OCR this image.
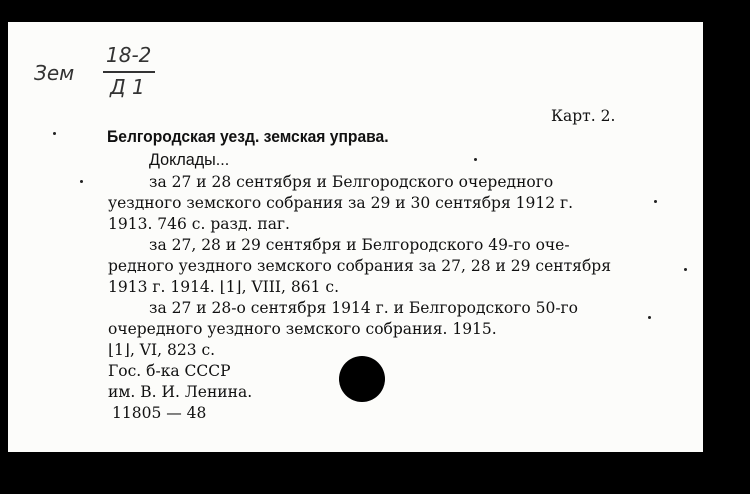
Зем
18-2
Д 1
Карт. 2.
Белгородская уезд. земская управа.
Доклады...
за 27 и 28 сентября и Белгородского очередного
уездного земского собрания за 29 и 30 сентября 1912 г.
1913. 746 с. разд. паг.
за 27, 28 и 29 сентября и Белгородского 49-го оче-
редного уездного земского собрания за 27, 28 и 29 сентября
1913 г. 1914. ⌊1⌋, VIII, 861 с.
за 27 и 28-о сентября 1914 г. и Белгородского 50-го
очередного уездного земского собрания. 1915.
⌊1⌋, VI, 823 с.
Гос. б-ка СССР
им. В. И. Ленина.
11805 — 48
